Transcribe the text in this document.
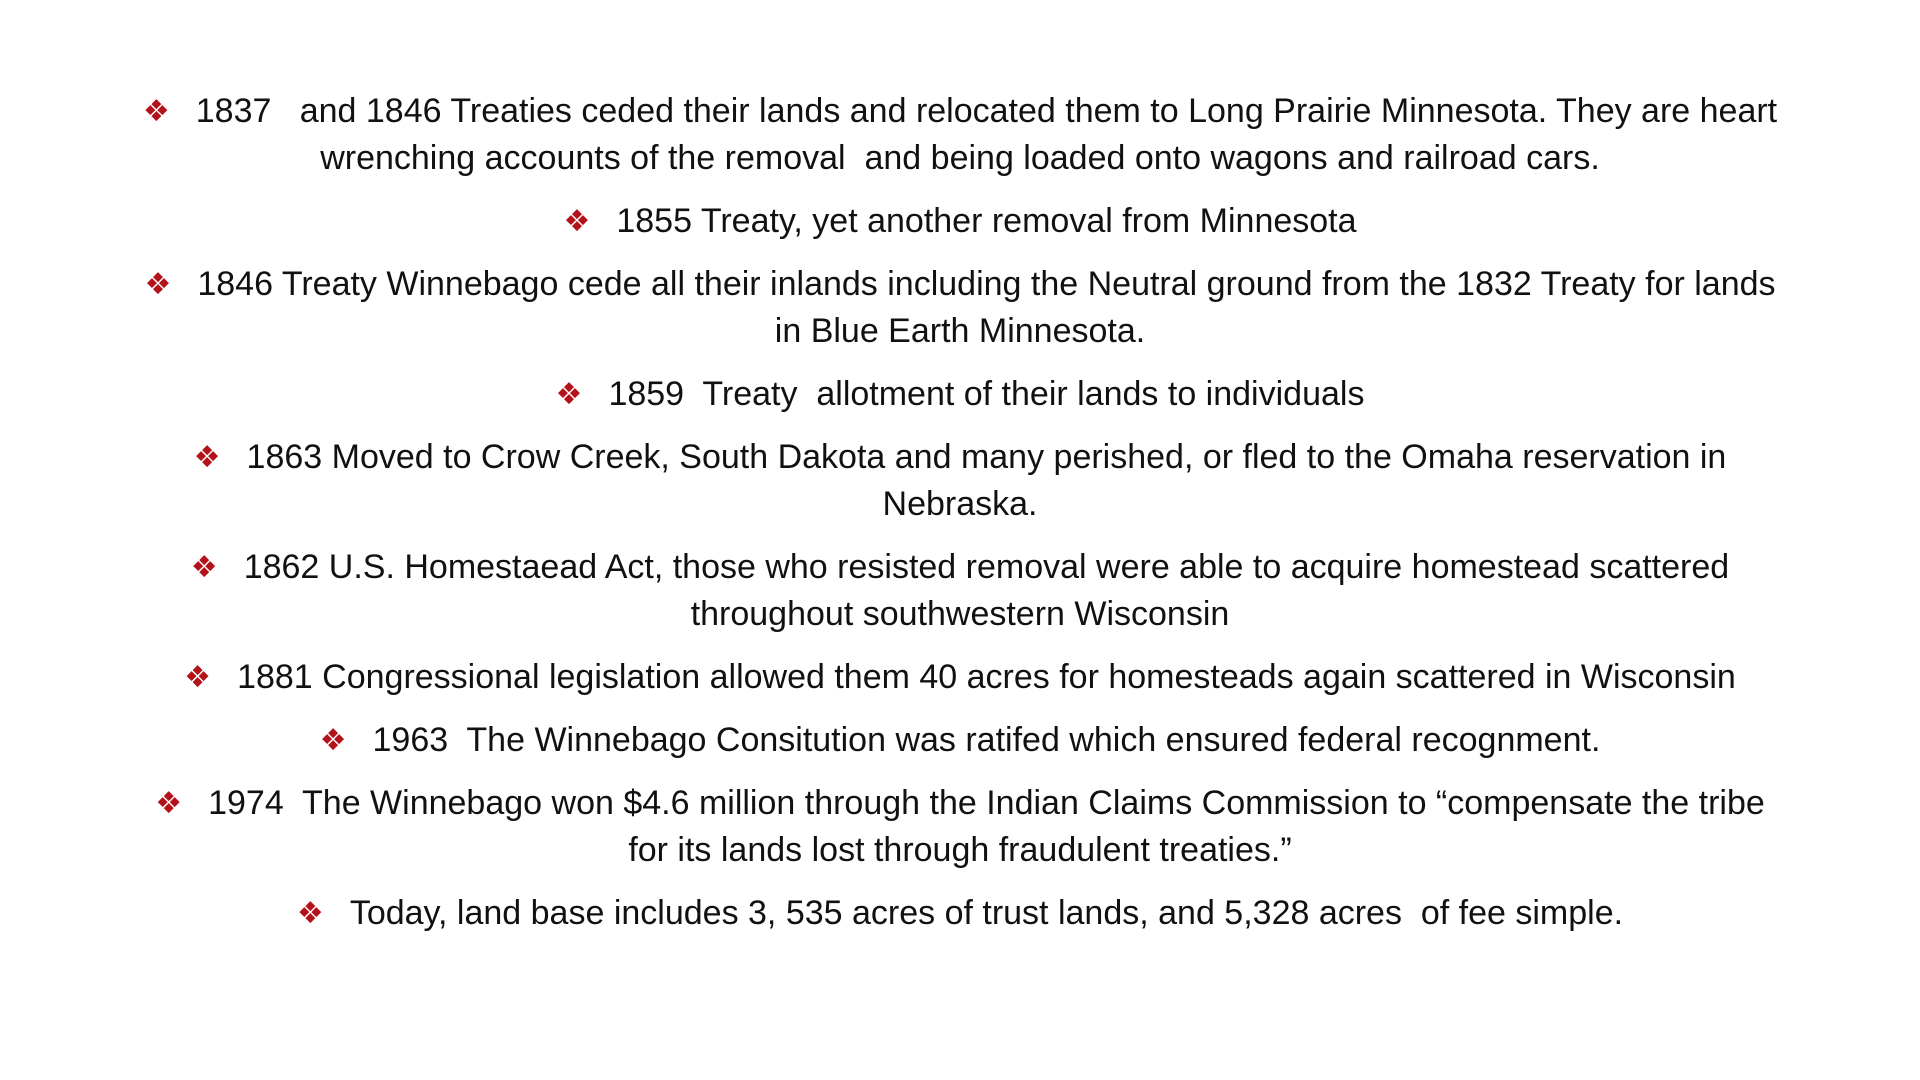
❖ 1837   and 1846 Treaties ceded their lands and relocated them to Long Prairie Minnesota. They are heart wrenching accounts of the removal  and being loaded onto wagons and railroad cars.
❖ 1855 Treaty, yet another removal from Minnesota
❖ 1846 Treaty Winnebago cede all their inlands including the Neutral ground from the 1832 Treaty for lands in Blue Earth Minnesota.
❖ 1859  Treaty  allotment of their lands to individuals
❖ 1863 Moved to Crow Creek, South Dakota and many perished, or fled to the Omaha reservation in Nebraska.
❖ 1862 U.S. Homestaead Act, those who resisted removal were able to acquire homestead scattered throughout southwestern Wisconsin
❖ 1881 Congressional legislation allowed them 40 acres for homesteads again scattered in Wisconsin
❖ 1963  The Winnebago Consitution was ratifed which ensured federal recognment.
❖ 1974  The Winnebago won $4.6 million through the Indian Claims Commission to “compensate the tribe for its lands lost through fraudulent treaties.”
❖ Today, land base includes 3, 535 acres of trust lands, and 5,328 acres  of fee simple.
